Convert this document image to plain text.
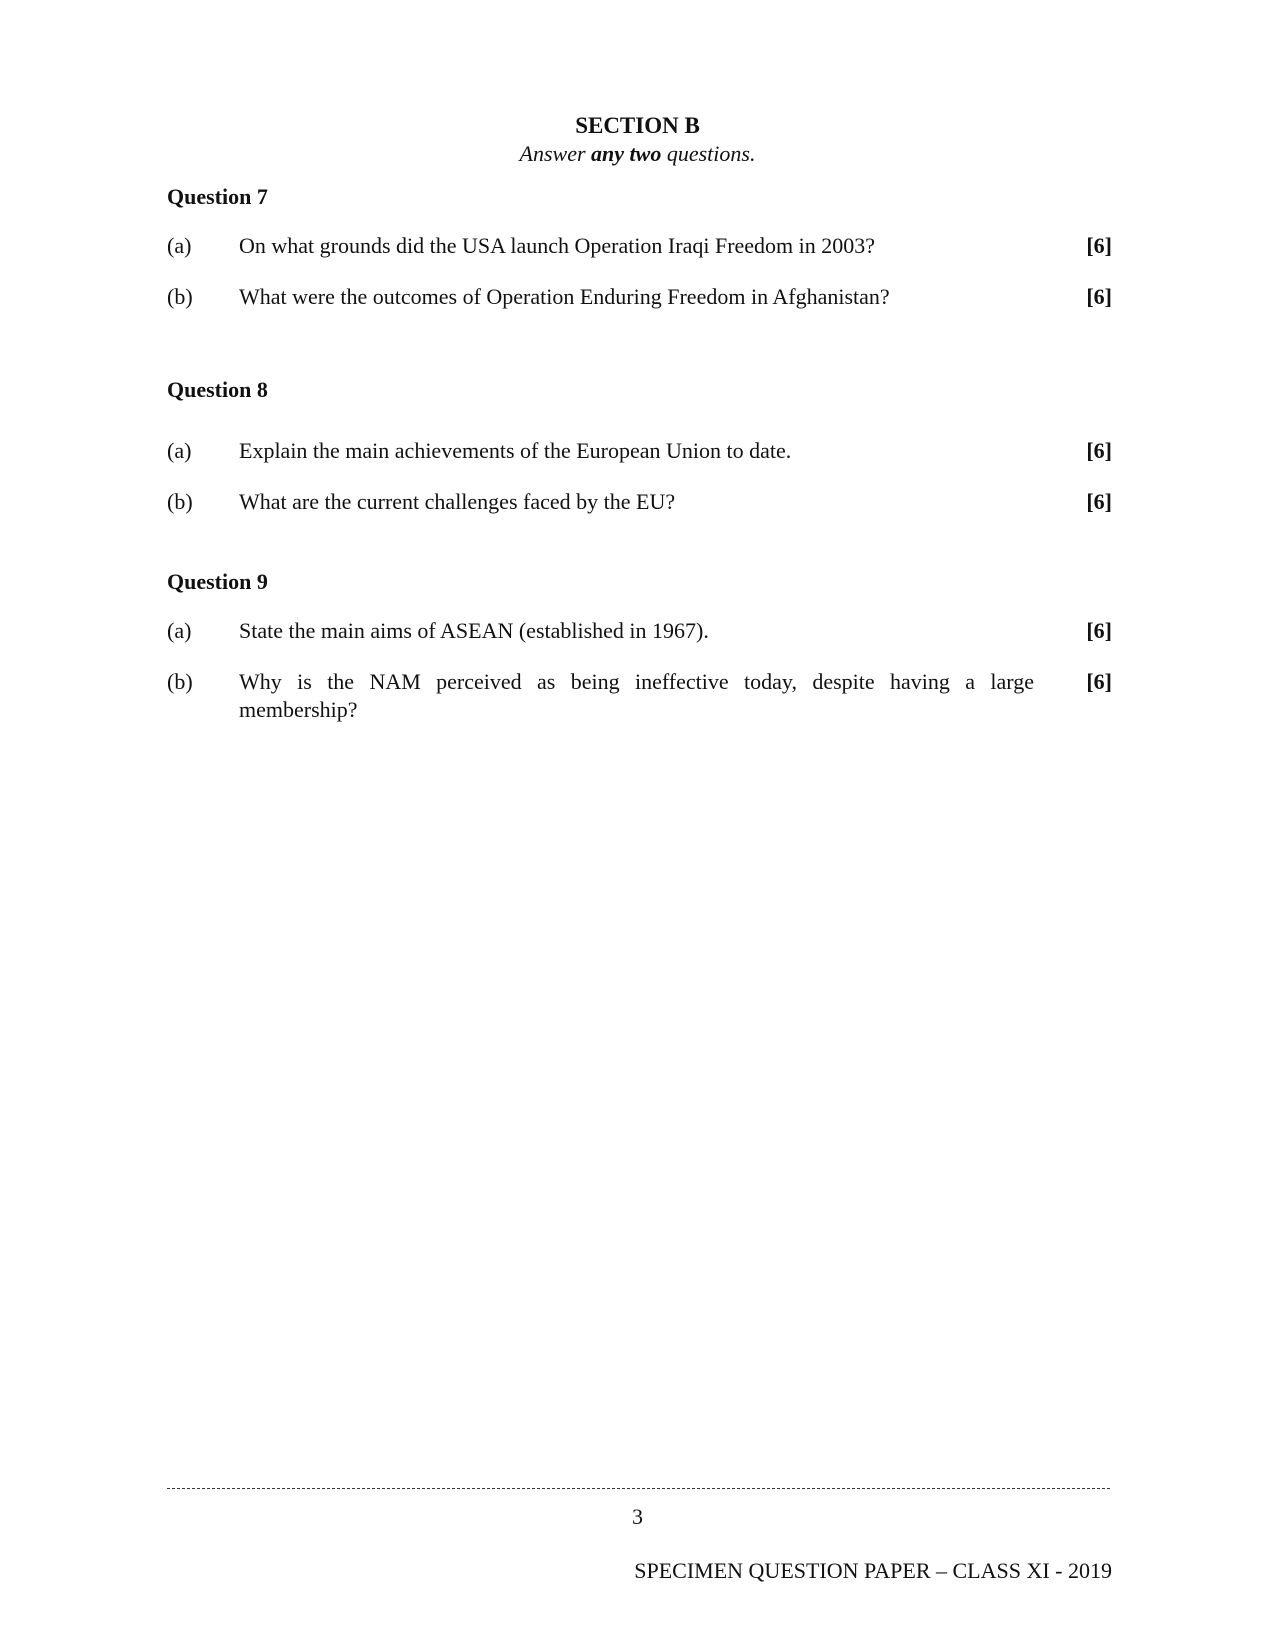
SECTION B
Answer any two questions.
Question 7
(a) On what grounds did the USA launch Operation Iraqi Freedom in 2003?	[6]
(b) What were the outcomes of Operation Enduring Freedom in Afghanistan?	[6]
Question 8
(a) Explain the main achievements of the European Union to date.	[6]
(b) What are the current challenges faced by the EU?	[6]
Question 9
(a) State the main aims of ASEAN (established in 1967).	[6]
(b) Why is the NAM perceived as being ineffective today, despite having a large membership?
[6]
3
SPECIMEN QUESTION PAPER – CLASS XI - 2019
